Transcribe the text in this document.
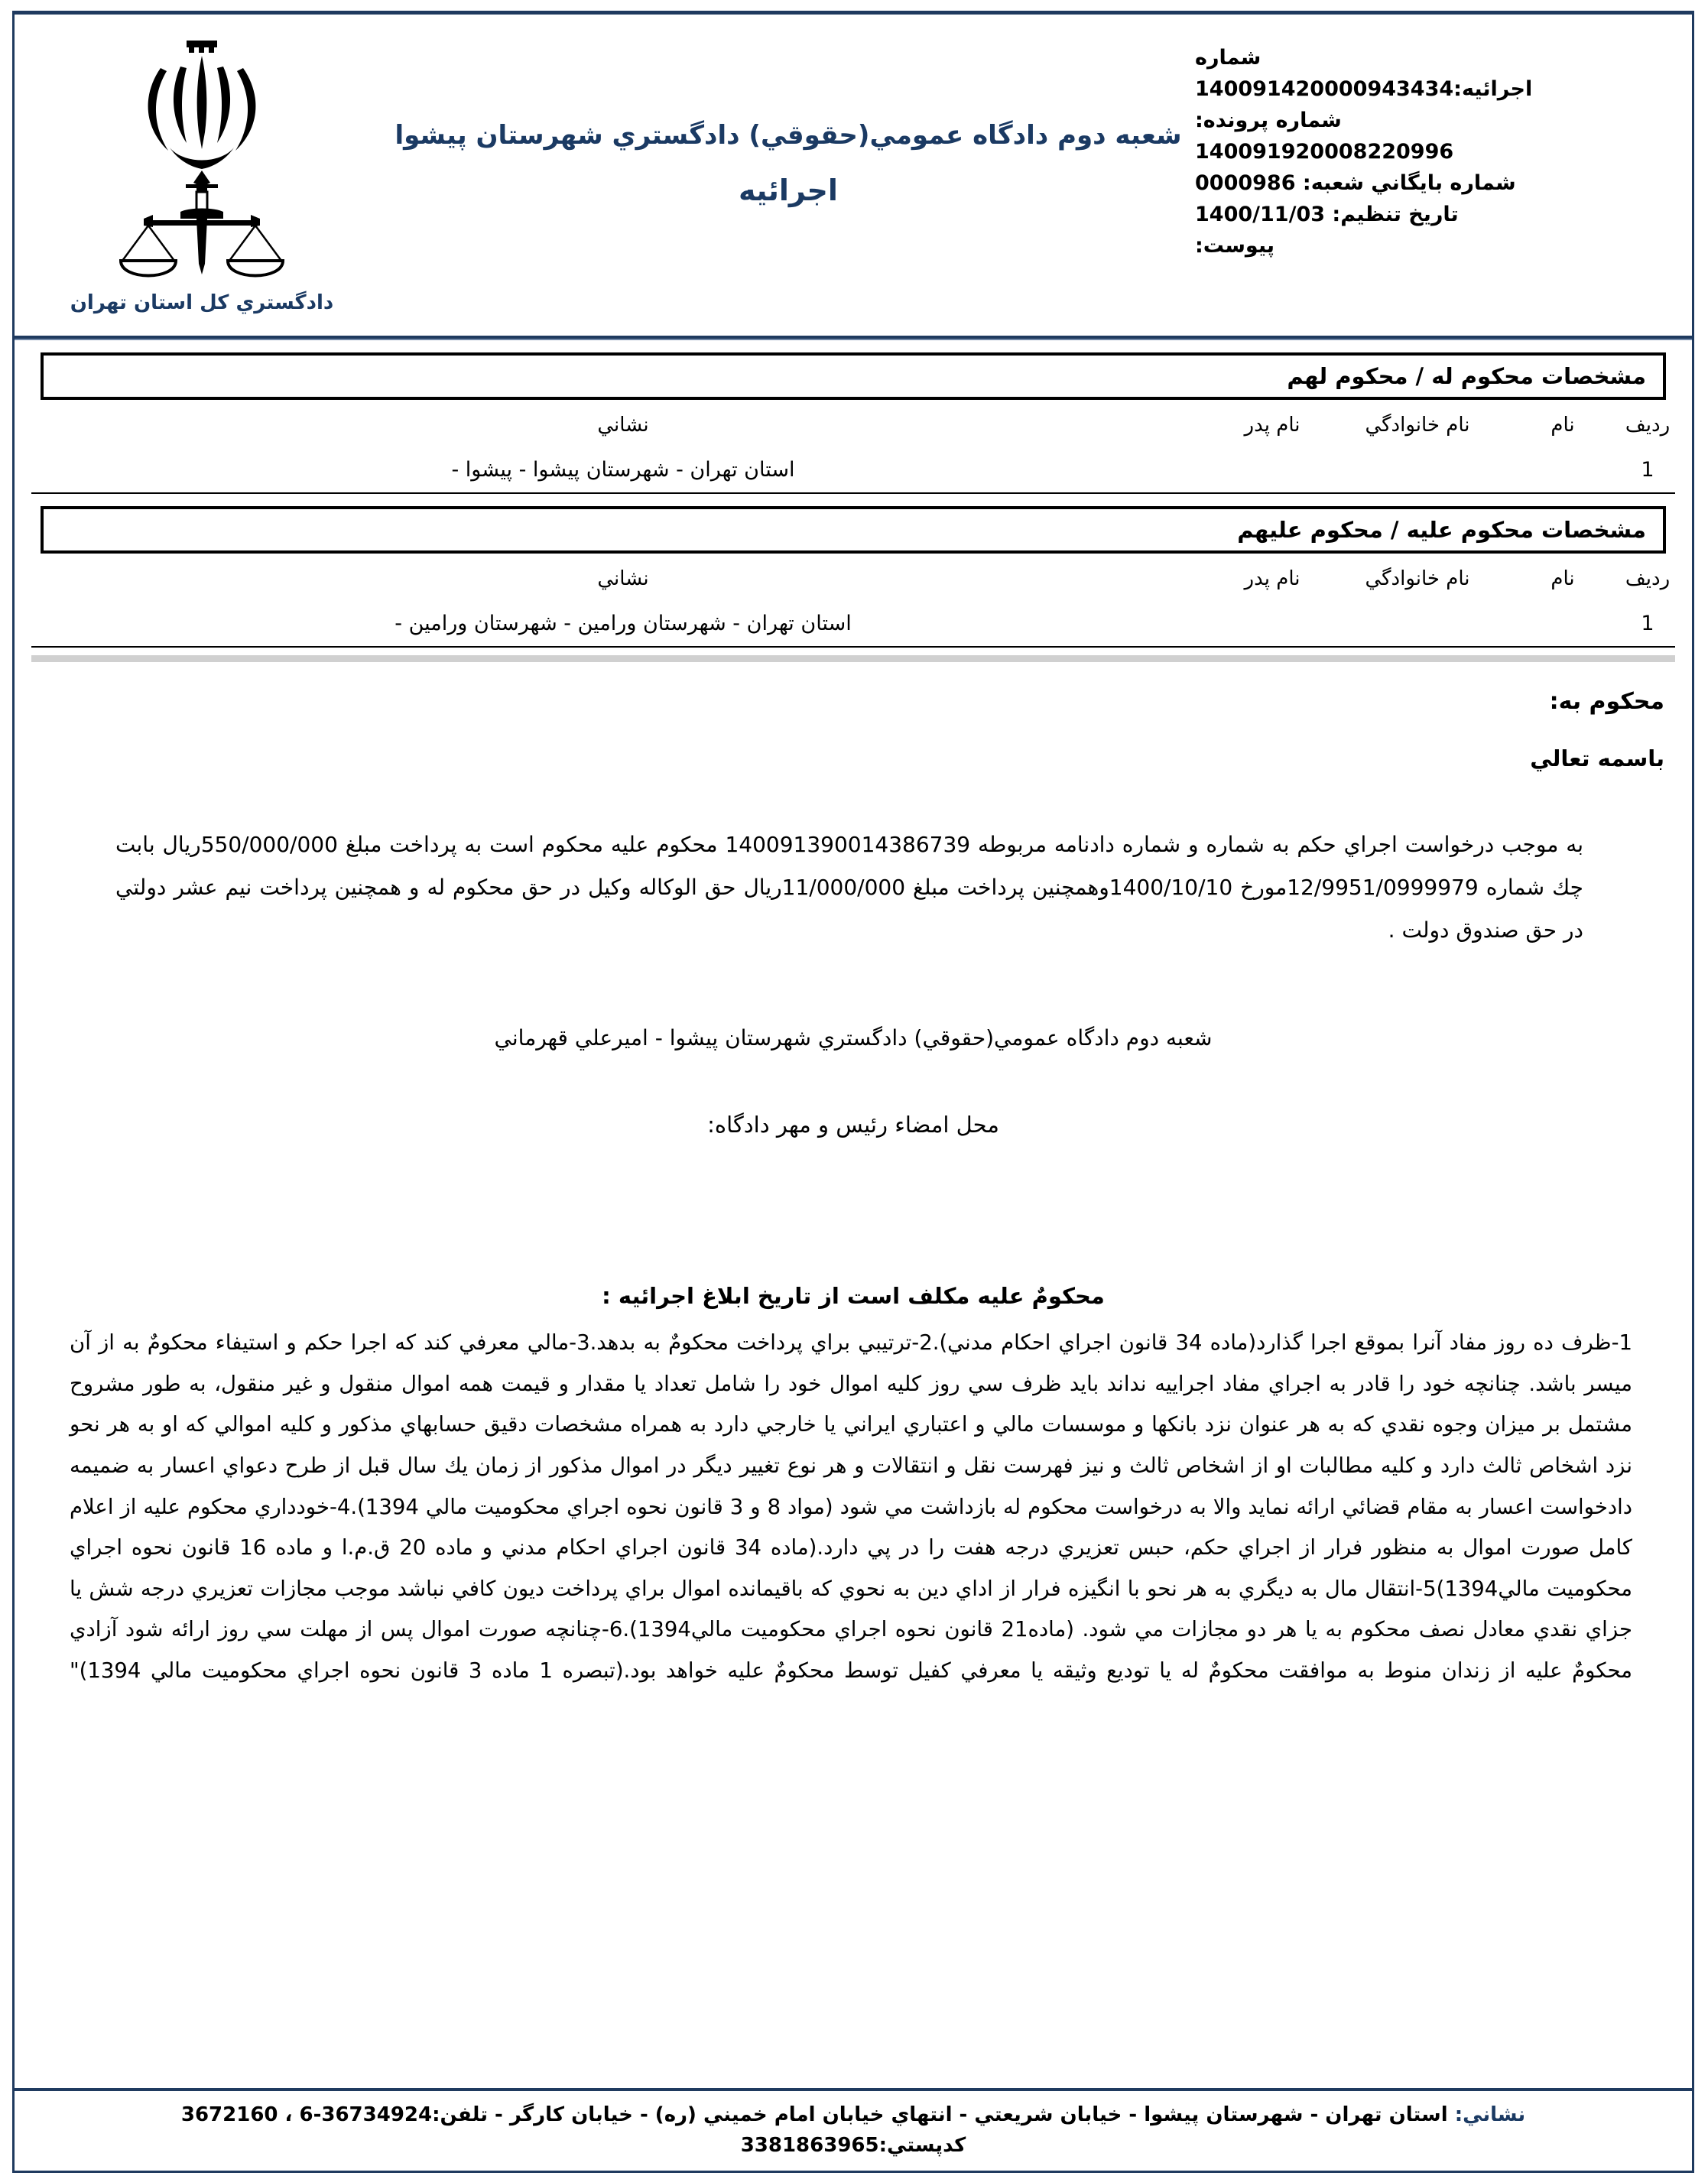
شماره
اجرائيه:140091420000943434
شماره پرونده:
140091920008220996
شماره بايگاني شعبه: 0000986
تاريخ تنظيم: 1400/11/03
پيوست:
شعبه دوم دادگاه عمومي(حقوقي) دادگستري شهرستان پيشوا
اجرائيه
دادگستري كل استان تهران
مشخصات محكوم له / محكوم لهم
رديف	نام	نام خانوادگي	نام پدر	نشاني
1				استان تهران - شهرستان پيشوا - پيشوا -
مشخصات محكوم عليه / محكوم عليهم
رديف	نام	نام خانوادگي	نام پدر	نشاني
1				استان تهران - شهرستان ورامين - شهرستان ورامين -
محكوم به:
باسمه تعالي
به موجب درخواست اجراي حكم به شماره و شماره دادنامه مربوطه 140091390014386739 محكوم عليه محكوم است به پرداخت مبلغ 550/000/000ريال بابت چك شماره 12/9951/0999979مورخ 1400/10/10وهمچنين پرداخت مبلغ 11/000/000ريال حق الوكاله وكيل در حق محكوم له و همچنين پرداخت نيم عشر دولتي در حق صندوق دولت .
شعبه دوم دادگاه عمومي(حقوقي) دادگستري شهرستان پيشوا - امیرعلي قهرماني
محل امضاء رئيس و مهر دادگاه:
محكومٌ عليه مكلف است از تاريخ ابلاغ اجرائيه :
1-ظرف ده روز مفاد آنرا بموقع اجرا گذارد(ماده 34 قانون اجراي احكام مدني).2-ترتيبي براي پرداخت محكومٌ به بدهد.3-مالي معرفي كند كه اجرا حكم و استيفاء محكومٌ به از آن ميسر باشد. چنانچه خود را قادر به اجراي مفاد اجراييه نداند بايد ظرف سي روز كليه اموال خود را شامل تعداد يا مقدار و قيمت همه اموال منقول و غير منقول، به طور مشروح مشتمل بر ميزان وجوه نقدي كه به هر عنوان نزد بانكها و موسسات مالي و اعتباري ايراني يا خارجي دارد به همراه مشخصات دقيق حسابهاي مذكور و كليه اموالي كه او به هر نحو نزد اشخاص ثالث دارد و كليه مطالبات او از اشخاص ثالث و نيز فهرست نقل و انتقالات و هر نوع تغيير ديگر در اموال مذكور از زمان يك سال قبل از طرح دعواي اعسار به ضميمه دادخواست اعسار به مقام قضائي ارائه نمايد والا به درخواست محكوم له بازداشت مي شود (مواد 8 و 3 قانون نحوه اجراي محكوميت مالي 1394).4-خودداري محكوم عليه از اعلام كامل صورت اموال به منظور فرار از اجراي حكم، حبس تعزيري درجه هفت را در پي دارد.(ماده 34 قانون اجراي احكام مدني و ماده 20 ق.م.ا و ماده 16 قانون نحوه اجراي محكوميت مالي1394)5-انتقال مال به ديگري به هر نحو با انگيزه فرار از اداي دين به نحوي كه باقيمانده اموال براي پرداخت ديون كافي نباشد موجب مجازات تعزيري درجه شش يا جزاي نقدي معادل نصف محكوم به يا هر دو مجازات مي شود. (ماده21 قانون نحوه اجراي محكوميت مالي1394).6-چنانچه صورت اموال پس از مهلت سي روز ارائه شود آزادي محكومٌ عليه از زندان منوط به موافقت محكومٌ له يا توديع وثيقه يا معرفي كفيل توسط محكومٌ عليه خواهد بود.(تبصره 1 ماده 3 قانون نحوه اجراي محكوميت مالي 1394)"
نشاني: استان تهران - شهرستان پيشوا - خيابان شريعتي - انتهاي خيابان امام خميني (ره) - خيابان كارگر - تلفن:36734924-6 ، 3672160
كدپستي:3381863965
